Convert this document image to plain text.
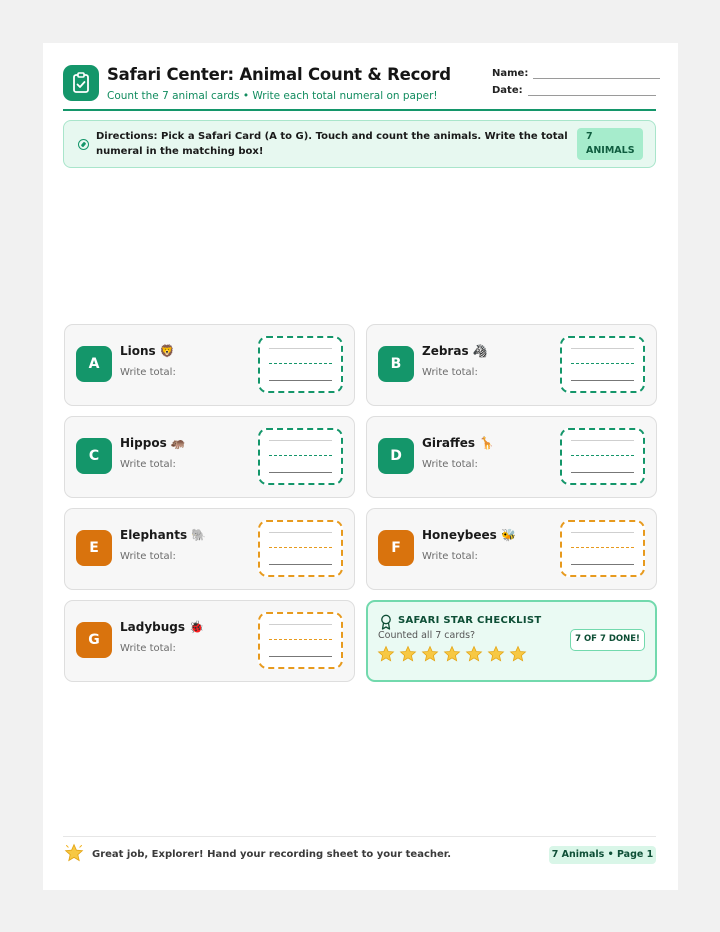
Safari Center: Animal Count & Record
Count the 7 animal cards • Write each total numeral on paper!
Name:
Date:
Directions: Pick a Safari Card (A to G). Touch and count the animals. Write the total numeral in the matching box!
7 ANIMALS
A
Lions 🦁
Write total:
B
Zebras 🦓
Write total:
C
Hippos 🦛
Write total:
D
Giraffes 🦒
Write total:
E
Elephants 🐘
Write total:
F
Honeybees 🐝
Write total:
G
Ladybugs 🐞
Write total:
SAFARI STAR CHECKLIST
Counted all 7 cards?	7 OF 7 DONE!
Great job, Explorer! Hand your recording sheet to your teacher.	7 Animals • Page 1
